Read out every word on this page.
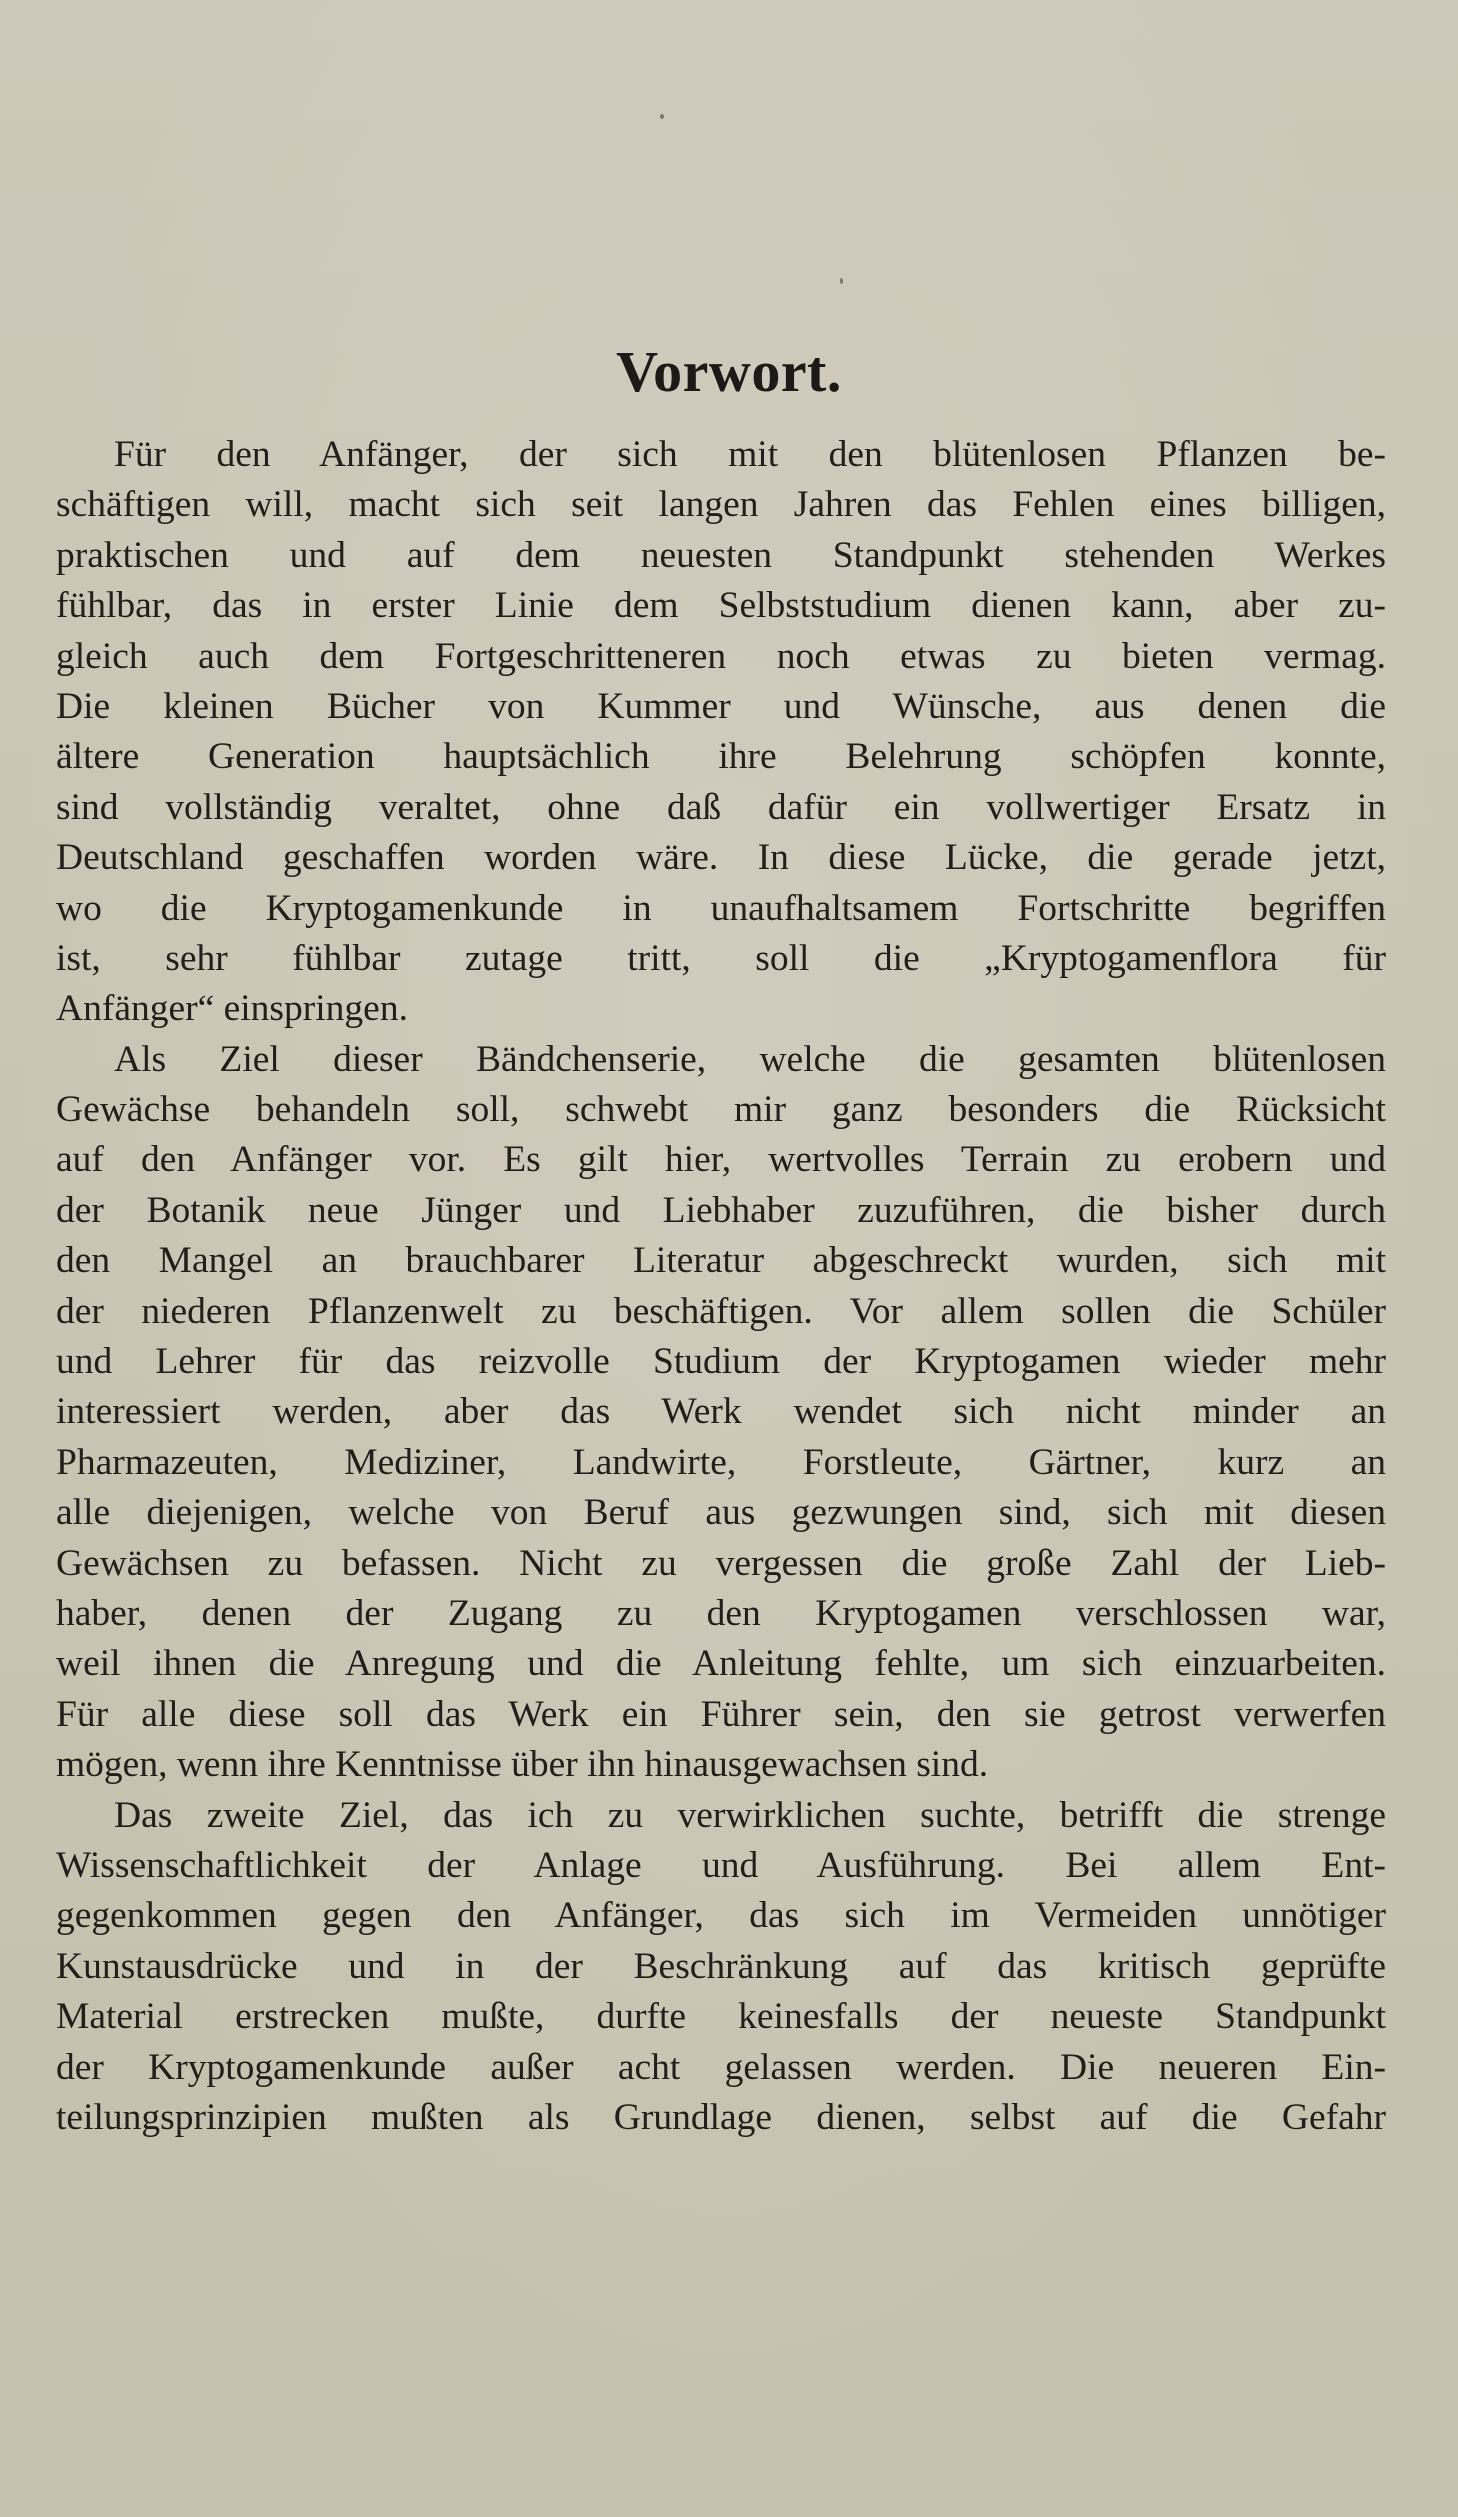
Vorwort.
Für den Anfänger, der sich mit den blütenlosen Pflanzen be-
schäftigen will, macht sich seit langen Jahren das Fehlen eines billigen,
praktischen und auf dem neuesten Standpunkt stehenden Werkes
fühlbar, das in erster Linie dem Selbststudium dienen kann, aber zu-
gleich auch dem Fortgeschritteneren noch etwas zu bieten vermag.
Die kleinen Bücher von Kummer und Wünsche, aus denen die
ältere Generation hauptsächlich ihre Belehrung schöpfen konnte,
sind vollständig veraltet, ohne daß dafür ein vollwertiger Ersatz in
Deutschland geschaffen worden wäre. In diese Lücke, die gerade jetzt,
wo die Kryptogamenkunde in unaufhaltsamem Fortschritte begriffen
ist, sehr fühlbar zutage tritt, soll die „Kryptogamenflora für
Anfänger“ einspringen.
Als Ziel dieser Bändchenserie, welche die gesamten blütenlosen
Gewächse behandeln soll, schwebt mir ganz besonders die Rücksicht
auf den Anfänger vor. Es gilt hier, wertvolles Terrain zu erobern und
der Botanik neue Jünger und Liebhaber zuzuführen, die bisher durch
den Mangel an brauchbarer Literatur abgeschreckt wurden, sich mit
der niederen Pflanzenwelt zu beschäftigen. Vor allem sollen die Schüler
und Lehrer für das reizvolle Studium der Kryptogamen wieder mehr
interessiert werden, aber das Werk wendet sich nicht minder an
Pharmazeuten, Mediziner, Landwirte, Forstleute, Gärtner, kurz an
alle diejenigen, welche von Beruf aus gezwungen sind, sich mit diesen
Gewächsen zu befassen. Nicht zu vergessen die große Zahl der Lieb-
haber, denen der Zugang zu den Kryptogamen verschlossen war,
weil ihnen die Anregung und die Anleitung fehlte, um sich einzuarbeiten.
Für alle diese soll das Werk ein Führer sein, den sie getrost verwerfen
mögen, wenn ihre Kenntnisse über ihn hinausgewachsen sind.
Das zweite Ziel, das ich zu verwirklichen suchte, betrifft die strenge
Wissenschaftlichkeit der Anlage und Ausführung. Bei allem Ent-
gegenkommen gegen den Anfänger, das sich im Vermeiden unnötiger
Kunstausdrücke und in der Beschränkung auf das kritisch geprüfte
Material erstrecken mußte, durfte keinesfalls der neueste Standpunkt
der Kryptogamenkunde außer acht gelassen werden. Die neueren Ein-
teilungsprinzipien mußten als Grundlage dienen, selbst auf die Gefahr
